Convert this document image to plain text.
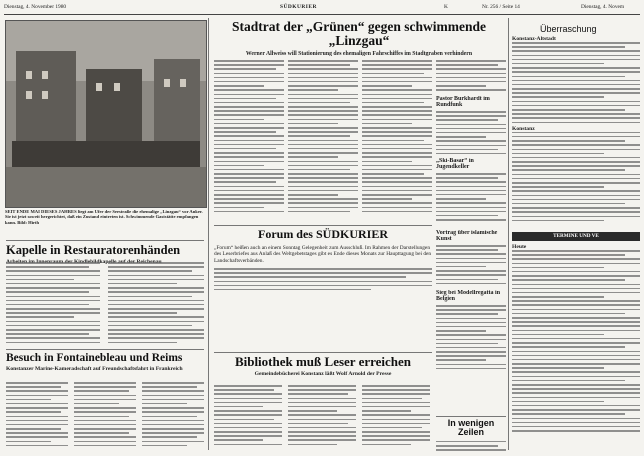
Dienstag, 4. November 1980	SÜDKURIER	K	Nr. 256 / Seite 14	Dienstag, 4. Novem
SEIT ENDE MAI DIESES JAHRES liegt am Ufer der Seestraße die ehemalige „Linzgau“ vor Anker. Sie ist jetzt soweit hergerichtet, daß ein Zustand eintreten ist. Schwimmende Gaststätte empfangen kann. Bild: Hirth
Kapelle in Restauratorenhänden
Besuch in Fontainebleau und Reims
Konstanzer Marine-Kameradschaft auf Freundschaftsfahrt in Frankreich
Stadtrat der „Grünen“ gegen schwimmende „Linzgau“
Werner Allweiss will Stationierung des ehemaligen Fahrschiffes im Stadtgraben verhindern
Pastor Burkhardt im Rundfunk
„Ski-Basar“ in Jugendkeller
Forum des SÜDKURIER
„Forum“ heißen auch an einem Sonntag Gelegenheit zum Ausschluß. Im Rahmen der Darstellungen des Leserbriefes aus Anlaß des Weltgebetstages gibt es Ende dieses Monats zur Haupttagung bei den Landschaftsverbänden.
Bibliothek muß Leser erreichen
Gemeindebücherei Konstanz läßt Wolf Arnold der Presse
Vortrag über islamische Kunst
Sieg bei Modellregatta in Belgien
In wenigen Zeilen
Überraschung
Konstanz-Altstadt
Konstanz
TERMINE UND VE
Heute
